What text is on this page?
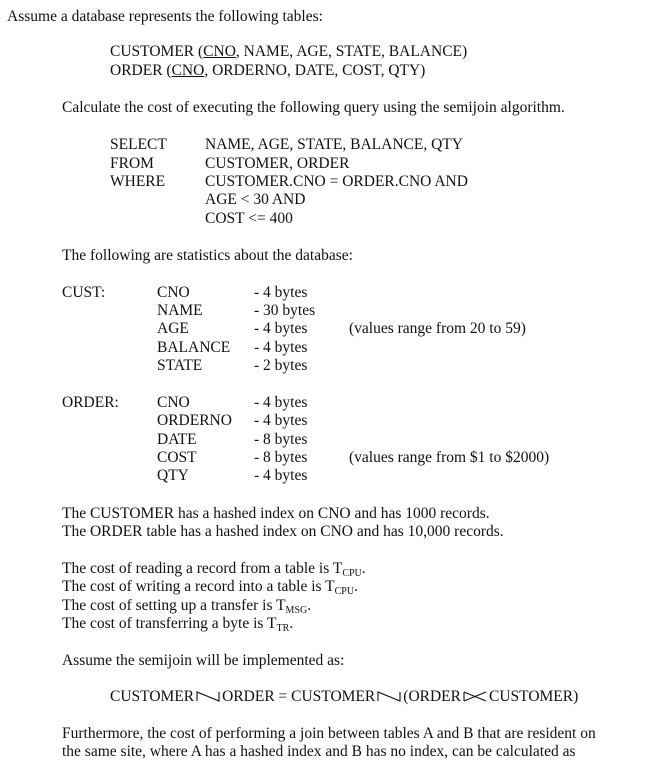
Assume a database represents the following tables:
CUSTOMER (CNO, NAME, AGE, STATE, BALANCE)
ORDER (CNO, ORDERNO, DATE, COST, QTY)
Calculate the cost of executing the following query using the semijoin algorithm.
SELECT NAME, AGE, STATE, BALANCE, QTY
FROM	CUSTOMER, ORDER
WHERE	CUSTOMER.CNO = ORDER.CNO AND
AGE < 30 AND
COST <= 400
The following are statistics about the database:
CUST:	CNO	- 4 bytes
NAME	- 30 bytes
AGE	- 4 bytes	(values range from 20 to 59)
BALANCE - 4 bytes
STATE	- 2 bytes
ORDER: CNO	- 4 bytes
ORDERNO - 4 bytes
DATE	- 8 bytes
COST	- 8 bytes	(values range from $1 to $2000)
QTY	- 4 bytes
The CUSTOMER has a hashed index on CNO and has 1000 records.
The ORDER table has a hashed index on CNO and has 10,000 records.
The cost of reading a record from a table is $T_{CPU}$.
The cost of writing a record into a table is $T_{CPU}$.
The cost of setting up a transfer is $T_{MSG}$.
The cost of transferring a byte is $T_{TR}$.
Assume the semijoin will be implemented as:
CUSTOMER ORDER = CUSTOMER (ORDER CUSTOMER)
Furthermore, the cost of performing a join between tables A and B that are resident on
the same site, where A has a hashed index and B has no index, can be calculated as
